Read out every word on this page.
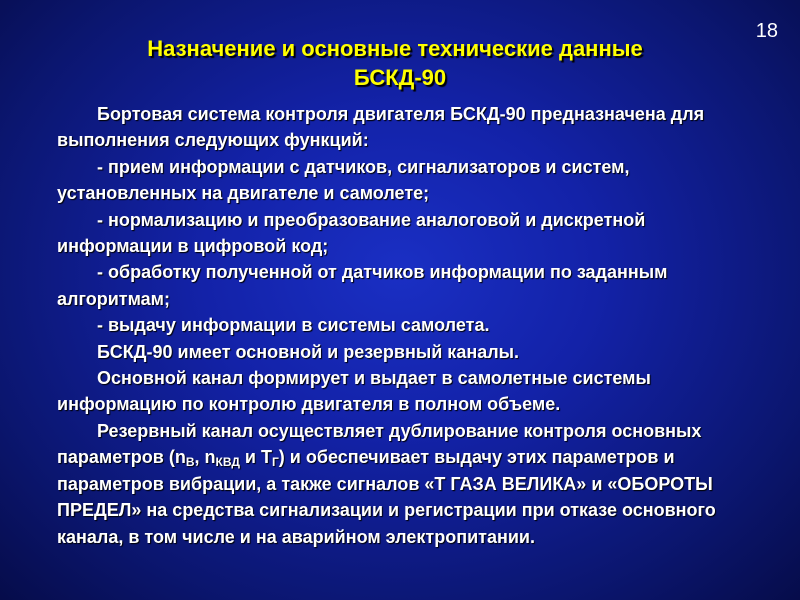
18
Назначение и основные технические данные
БСКД-90

Бортовая система контроля двигателя БСКД-90 предназначена для выполнения следующих функций:

- прием информации с датчиков, сигнализаторов и систем, установленных на двигателе и самолете;

- нормализацию и преобразование аналоговой и дискретной информации в цифровой код;

- обработку полученной от датчиков информации по заданным алгоритмам;

- выдачу информации в системы самолета.

БСКД-90 имеет основной и резервный каналы.

Основной канал формирует и выдает в самолетные системы информацию по контролю двигателя в полном объеме.

Резервный канал осуществляет дублирование контроля основных параметров ($n_В$, $n_{КВД}$ и $T_Г$) и обеспечивает выдачу этих параметров и параметров вибрации, а также сигналов «Т ГАЗА ВЕЛИКА» и «ОБОРОТЫ ПРЕДЕЛ» на средства сигнализации и регистрации при отказе основного канала, в том числе и на аварийном электропитании.
